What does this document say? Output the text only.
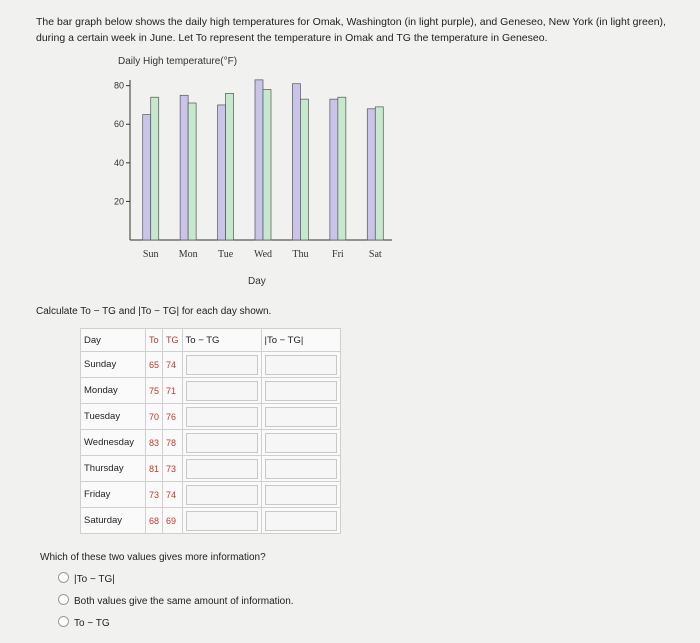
The bar graph below shows the daily high temperatures for Omak, Washington (in light purple), and Geneseo, New York (in light green), during a certain week in June. Let To represent the temperature in Omak and TG the temperature in Geneseo.
Daily High temperature(°F)
20
40
60
80
Sun Mon Tue Wed Thu Fri	Sat
Day
Calculate To − TG and |To − TG| for each day shown.
Day	To	TG	To − TG	|To − TG|
Sunday	65	74	

Monday	75	71	

Tuesday	70	76	

Wednesday	83	78	

Thursday	81	73	

Friday	73	74	

Saturday	68	69	

Which of these two values gives more information?
|To − TG|
Both values give the same amount of information.
To − TG
